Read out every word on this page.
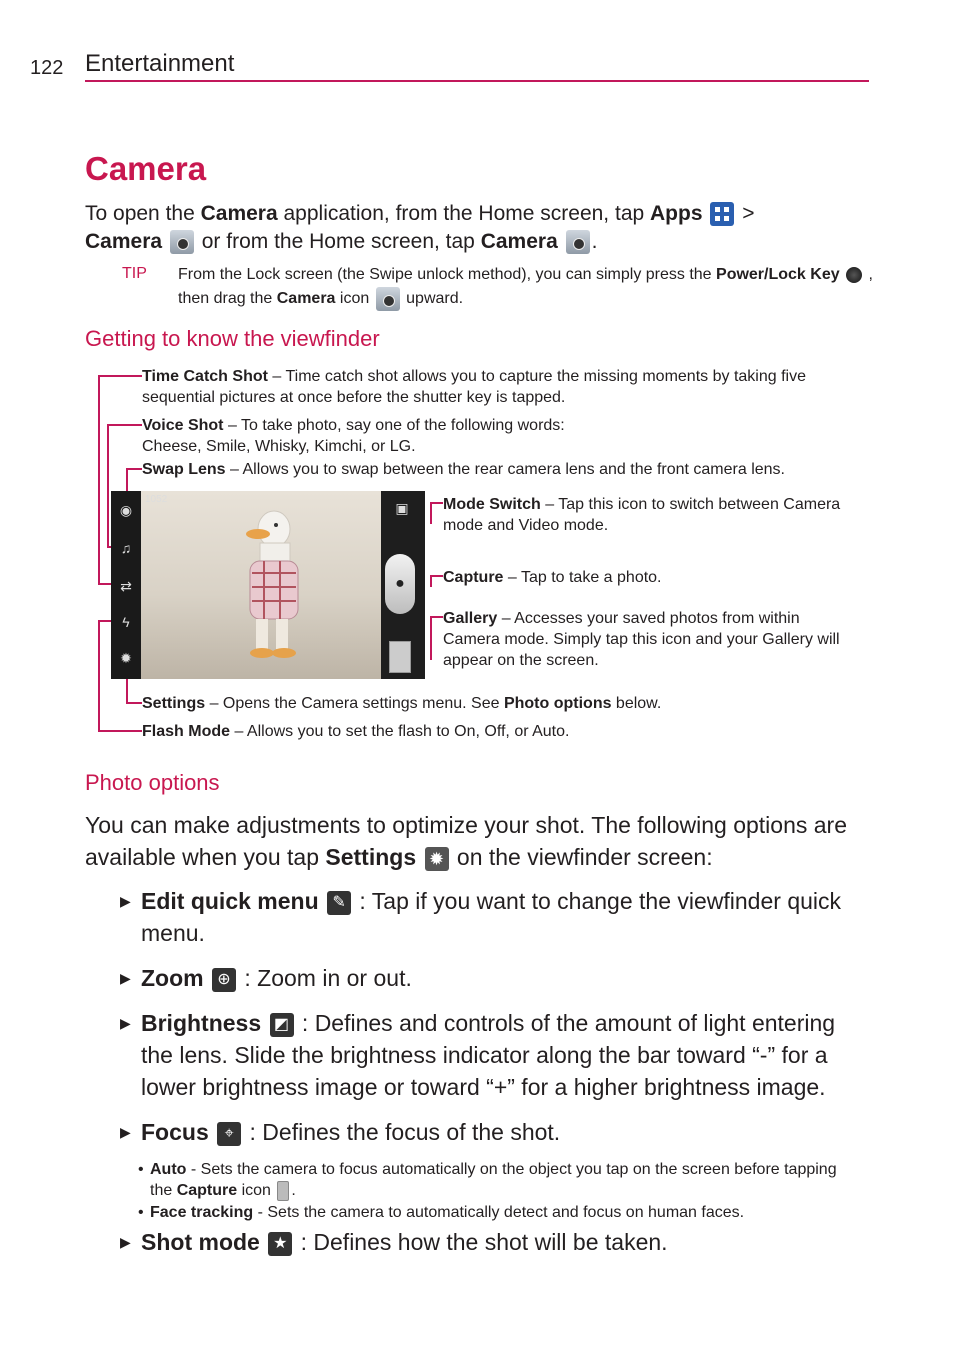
122 Entertainment
Camera
To open the Camera application, from the Home screen, tap Apps  >
Camera  or from the Home screen, tap Camera .
TIP From the Lock screen (the Swipe unlock method), you can simply press the Power/Lock Key  , then drag the Camera icon  upward.
Getting to know the viewfinder
Time Catch Shot – Time catch shot allows you to capture the missing moments by taking five sequential pictures at once before the shutter key is tapped.
Voice Shot – To take photo, say one of the following words:
Cheese, Smile, Whisky, Kimchi, or LG.
Swap Lens – Allows you to swap between the rear camera lens and the front camera lens.
Mode Switch – Tap this icon to switch between Camera mode and Video mode.
Capture – Tap to take a photo.
Gallery – Accesses your saved photos from within Camera mode. Simply tap this icon and your Gallery will appear on the screen.
Settings – Opens the Camera settings menu. See Photo options below.
Flash Mode – Allows you to set the flash to On, Off, or Auto.
◉
♫
⇄
ϟ
✹
1052
▣
●
Photo options
You can make adjustments to optimize your shot. The following options are available when you tap Settings ✹ on the viewfinder screen:
▶ Edit quick menu ✎ : Tap if you want to change the viewfinder quick menu.
▶ Zoom ⊕ : Zoom in or out.
▶ Brightness ◩ : Defines and controls of the amount of light entering the lens. Slide the brightness indicator along the bar toward “-” for a lower brightness image or toward “+” for a higher brightness image.
▶ Focus ⌖ : Defines the focus of the shot.
• Auto - Sets the camera to focus automatically on the object you tap on the screen before tapping the Capture icon .
• Face tracking - Sets the camera to automatically detect and focus on human faces.
▶ Shot mode ★ : Defines how the shot will be taken.
